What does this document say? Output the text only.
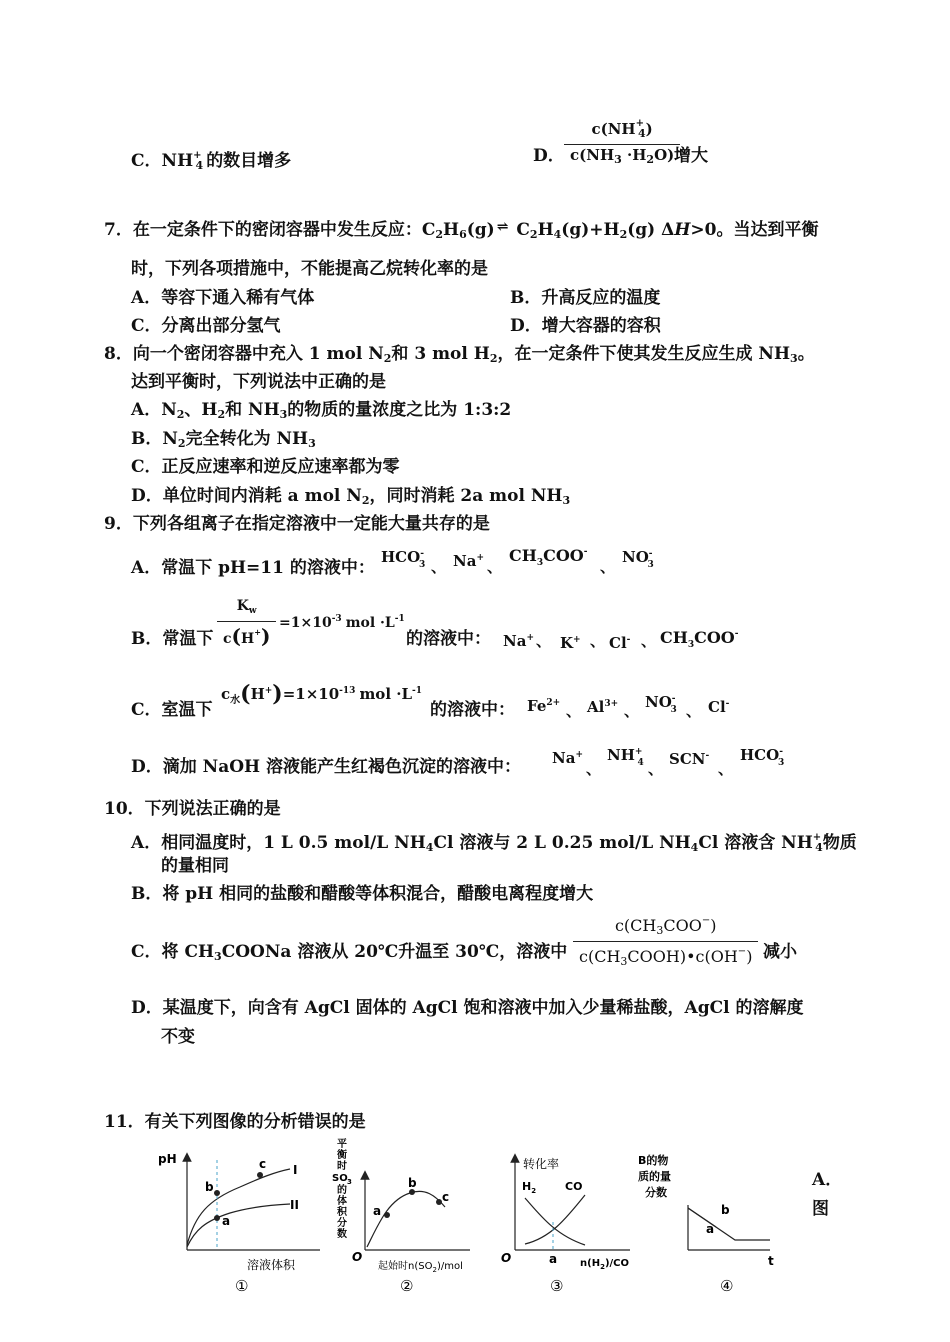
C．$NH^+_4$ 的数目增多	D．
$c(NH^+_4)$
$c(NH_3 \cdot H_2O)$ 增大
7．在一定条件下的密闭容器中发生反应：$C_2H_6(g)$ ⇌ $C_2H_4(g)+H_2(g)$ ΔH>0。当达到平衡
时，下列各项措施中，不能提高乙烷转化率的是
A．等容下通入稀有气体	B．升高反应的温度
C．分离出部分氢气	D．增大容器的容积
8．向一个密闭容器中充入 1 mol $N_2$和 3 mol $H_2$，在一定条件下使其发生反应生成 $NH_3$。
达到平衡时，下列说法中正确的是
A．$N_2$、$H_2$和 $NH_3$的物质的量浓度之比为 1:3:2
B．$N_2$完全转化为 $NH_3$
C．正反应速率和逆反应速率都为零
D．单位时间内消耗 a mol $N_2$，同时消耗 2a mol $NH_3$
9．下列各组离子在指定溶液中一定能大量共存的是
A．常温下 pH=11 的溶液中：
$HCO^-_3$ 、 Na+ 、
$CH_3COO^-$
、
$NO^-_3$
B．常温下
$K_w$
c(H+)
$=1\times 10^{-3}$ mol $\cdot L^{-1}$
的溶液中： Na+ 、 K+ 、 Cl- 、 $CH_3COO^-$
C．室温下
$c_水(H^+)=1\times 10^{-13}$ mol $\cdot L^{-1}$
的溶液中： $Fe^{2+}$ 、 $Al^{3+}$ 、 $NO^-_3$ 、 Cl-
D．滴加 NaOH 溶液能产生红褐色沉淀的溶液中： Na+
、
$NH^+_4$ 、
SCN-
、
$HCO^-_3$
10．下列说法正确的是
A．相同温度时，1 L 0.5 mol/L $NH_4Cl$ 溶液与 2 L 0.25 mol/L $NH_4Cl$ 溶液含 $NH^+_4$物质
的量相同
B．将 pH 相同的盐酸和醋酸等体积混合，醋酸电离程度增大
C．将 $CH_3COONa$ 溶液从 20℃升温至 30℃，溶液中
$c(CH_3COO^-)$
$c(CH_3COOH)•c(OH^-)$ 减小
D．某温度下，向含有 AgCl 固体的 AgCl 饱和溶液中加入少量稀盐酸，AgCl 的溶解度
不变
11．有关下列图像的分析错误的是
A．
图
pH
溶液体积
b
a
c I
II
①
平
衡
时
SO 3
的
体
积
分
数
O
起始时$n(SO_2)$/mol
a
b
c
②
转化率
$H_2$	CO
O	a $n(H_2)/CO$
③
B的物
质的量
分数
b
a
t
④
